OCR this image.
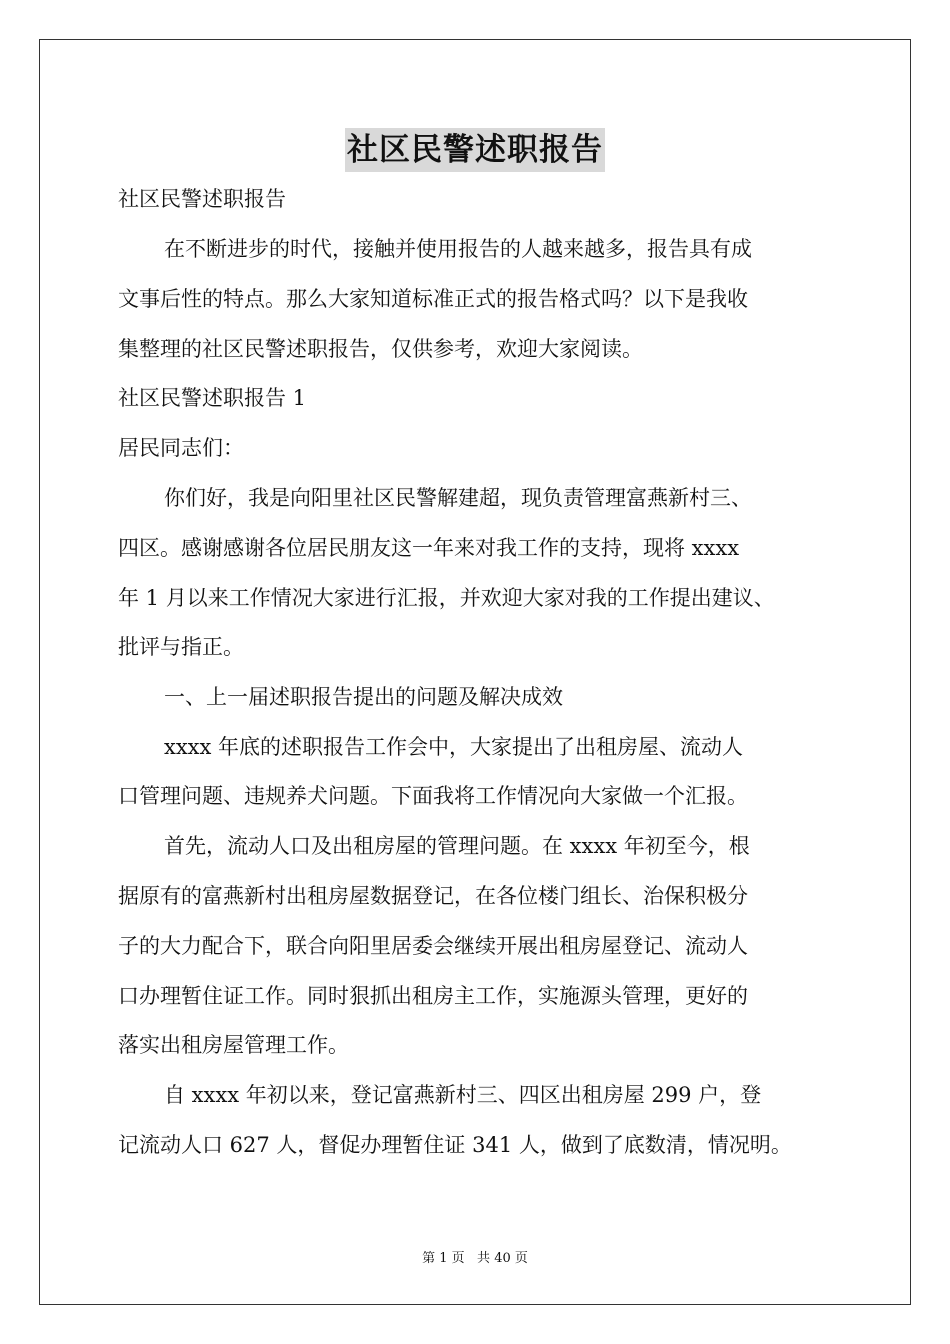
社区民警述职报告
社区民警述职报告
在不断进步的时代，接触并使用报告的人越来越多，报告具有成
文事后性的特点。那么大家知道标准正式的报告格式吗？以下是我收
集整理的社区民警述职报告，仅供参考，欢迎大家阅读。
社区民警述职报告 1
居民同志们：
你们好，我是向阳里社区民警解建超，现负责管理富燕新村三、
四区。感谢感谢各位居民朋友这一年来对我工作的支持，现将 xxxx
年 1 月以来工作情况大家进行汇报，并欢迎大家对我的工作提出建议、
批评与指正。
一、上一届述职报告提出的问题及解决成效
xxxx 年底的述职报告工作会中，大家提出了出租房屋、流动人
口管理问题、违规养犬问题。下面我将工作情况向大家做一个汇报。
首先，流动人口及出租房屋的管理问题。在 xxxx 年初至今，根
据原有的富燕新村出租房屋数据登记，在各位楼门组长、治保积极分
子的大力配合下，联合向阳里居委会继续开展出租房屋登记、流动人
口办理暂住证工作。同时狠抓出租房主工作，实施源头管理，更好的
落实出租房屋管理工作。
自 xxxx 年初以来，登记富燕新村三、四区出租房屋 299 户，登
记流动人口 627 人，督促办理暂住证 341 人，做到了底数清，情况明。
第 1 页   共 40 页
